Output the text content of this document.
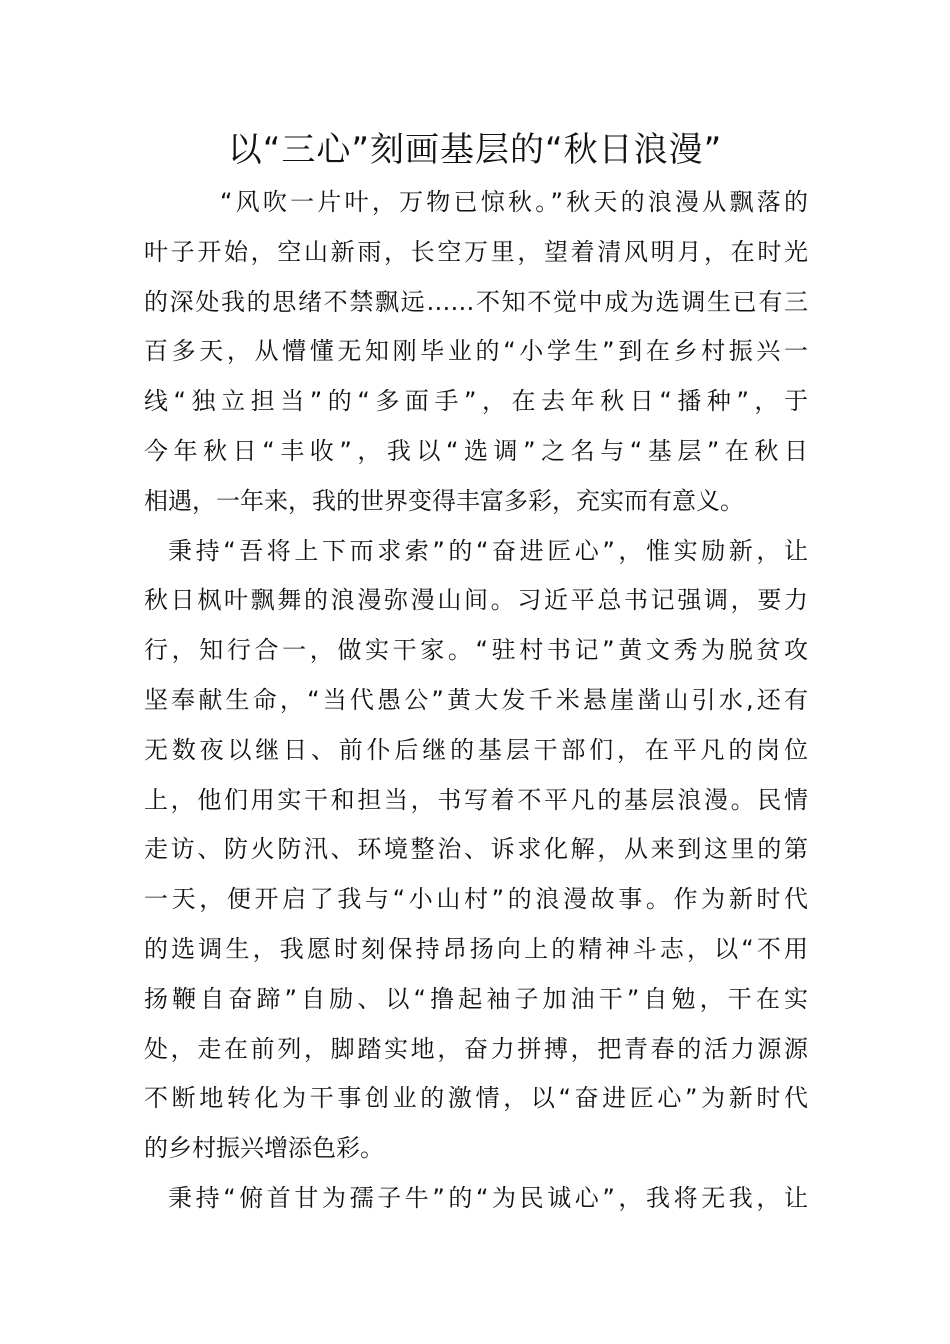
以“三心”刻画基层的“秋日浪漫”
“风吹一片叶，万物已惊秋。”秋天的浪漫从飘落的
叶子开始，空山新雨，长空万里，望着清风明月，在时光
的深处我的思绪不禁飘远……不知不觉中成为选调生已有三
百多天，从懵懂无知刚毕业的“小学生”到在乡村振兴一
线“独立担当”的“多面手”，在去年秋日“播种”，于
今年秋日“丰收”，我以“选调”之名与“基层”在秋日
相遇，一年来，我的世界变得丰富多彩，充实而有意义。
秉持“吾将上下而求索”的“奋进匠心”，惟实励新，让
秋日枫叶飘舞的浪漫弥漫山间。习近平总书记强调，要力
行，知行合一，做实干家。“驻村书记”黄文秀为脱贫攻
坚奉献生命，“当代愚公”黄大发千米悬崖凿山引水,还有
无数夜以继日、前仆后继的基层干部们，在平凡的岗位
上，他们用实干和担当，书写着不平凡的基层浪漫。民情
走访、防火防汛、环境整治、诉求化解，从来到这里的第
一天，便开启了我与“小山村”的浪漫故事。作为新时代
的选调生，我愿时刻保持昂扬向上的精神斗志，以“不用
扬鞭自奋蹄”自励、以“撸起袖子加油干”自勉，干在实
处，走在前列，脚踏实地，奋力拼搏，把青春的活力源源
不断地转化为干事创业的激情，以“奋进匠心”为新时代
的乡村振兴增添色彩。
秉持“俯首甘为孺子牛”的“为民诚心”，我将无我，让
